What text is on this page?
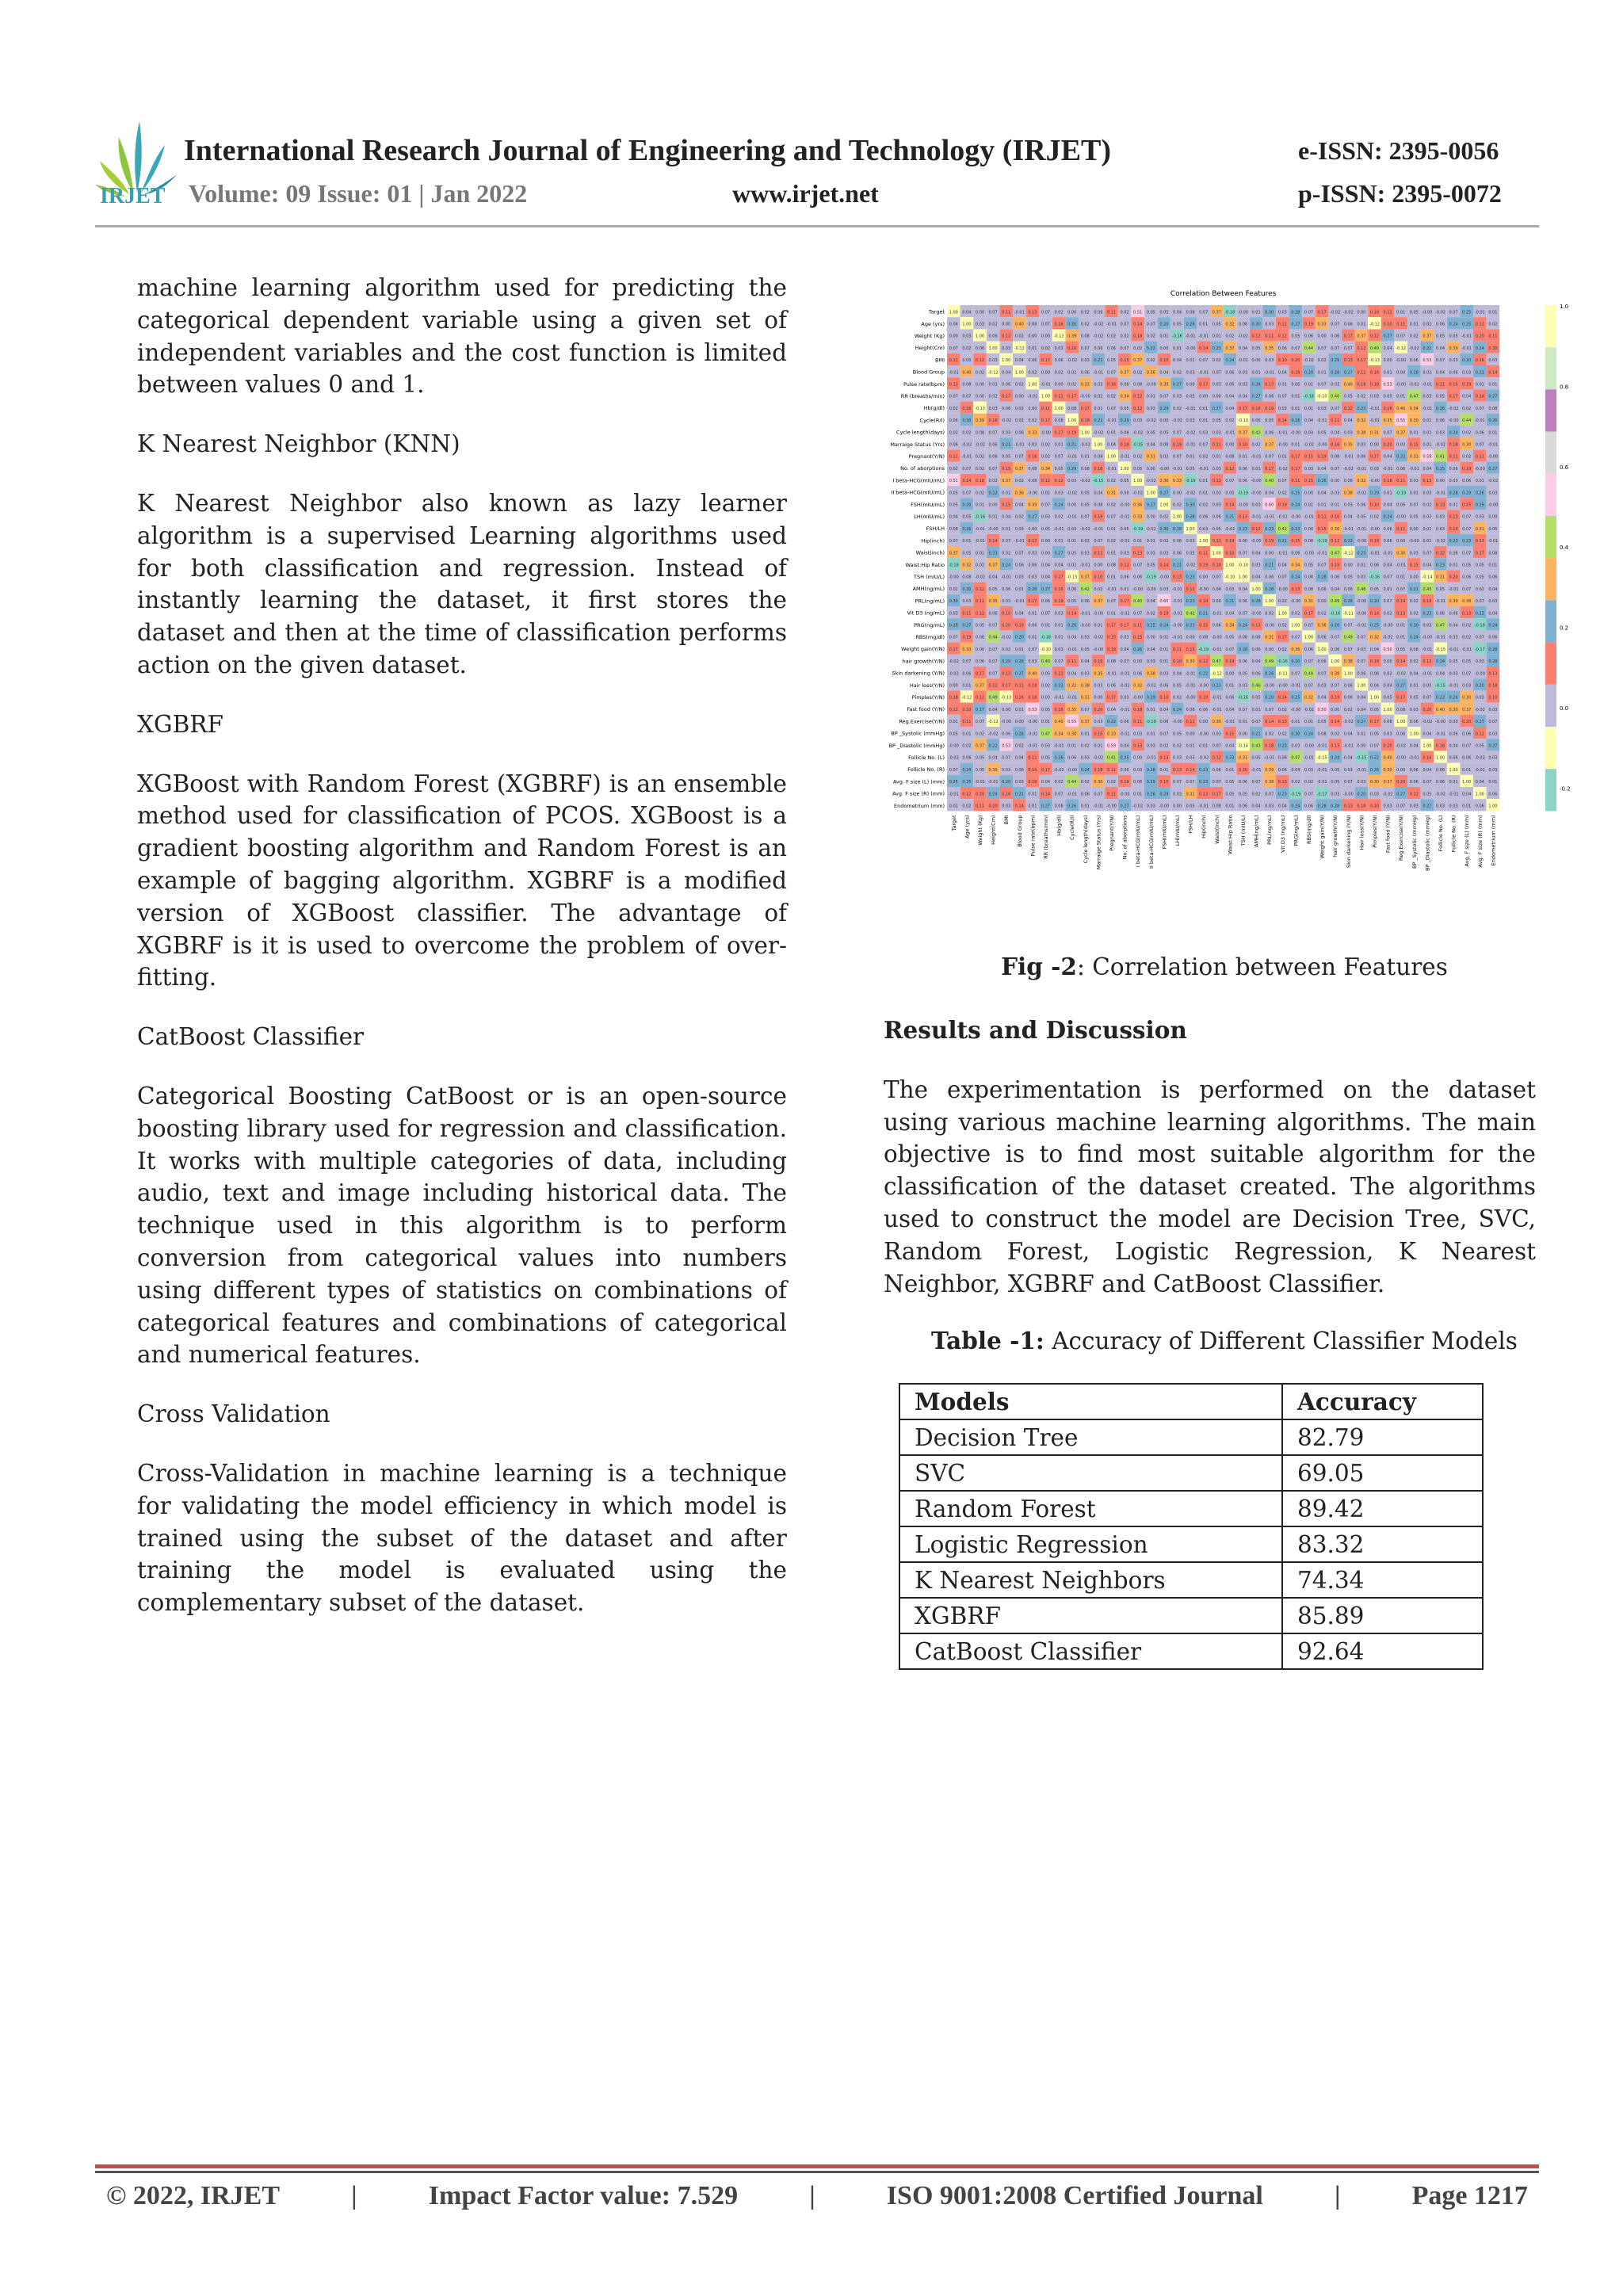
IRJET
International Research Journal of Engineering and Technology (IRJET)	e-ISSN: 2395-0056
Volume: 09 Issue: 01 | Jan 2022	www.irjet.net	p-ISSN: 2395-0072

machine learning algorithm used for predicting the categorical dependent variable using a given set of independent variables and the cost function is limited between values 0 and 1.

K Nearest Neighbor (KNN)

K Nearest Neighbor also known as lazy learner algorithm is a supervised Learning algorithms used for both classification and regression. Instead of instantly learning the dataset, it first stores the dataset and then at the time of classification performs action on the given dataset.

XGBRF

XGBoost with Random Forest (XGBRF) is an ensemble method used for classification of PCOS. XGBoost is a gradient boosting algorithm and Random Forest is an example of bagging algorithm. XGBRF is a modified version of XGBoost classifier. The advantage of XGBRF is it is used to overcome the problem of over-fitting.

CatBoost Classifier

Categorical Boosting CatBoost or is an open-source boosting library used for regression and classification. It works with multiple categories of data, including audio, text and image including historical data. The technique used in this algorithm is to perform conversion from categorical values into numbers using different types of statistics on combinations of categorical features and combinations of categorical and numerical features.

Cross Validation

Cross-Validation in machine learning is a technique for validating the model efficiency in which model is trained using the subset of the dataset and after training the model is evaluated using the complementary subset of the dataset.

Correlation Between Features
1.00 0.04 0.00 0.07 0.11 -0.01 0.13 0.07 0.02 0.06 0.02 0.06 0.11 0.02 0.51 0.05 0.05 0.04 0.08 0.07 0.37 -0.18 -0.00 0.01 0.30 0.03 0.28 0.07 0.17 -0.02 -0.02 0.00 0.18 0.12 0.01 0.05 -0.00 -0.02 0.07 0.25 -0.01 0.01
0.04 1.00 0.03 0.02 0.00 0.40 0.08 0.07 0.16 0.30 0.02 -0.02 -0.01 0.07 0.14 0.07 0.20 0.05 0.26 0.01 0.05 0.32 0.08 0.30 0.03 0.11 0.27 0.19 0.33 0.07 0.06 0.01 -0.12 0.10 0.11 0.01 0.02 0.06 0.24 0.25 0.12 0.02
0.00 0.03 1.00 0.06 0.12 0.02 0.00 0.00 -0.13 0.39 0.08 -0.02 0.02 0.02 0.18 0.02 0.01 -0.16 -0.01 -0.01 0.01 0.02 -0.02 0.12 0.11 0.12 0.05 0.06 0.00 0.06 0.17 0.37 0.12 0.27 0.07 0.02 0.37 0.05 0.05 -0.01 0.20 0.11
0.07 0.02 0.06 1.00 0.03 -0.12 0.01 0.02 0.03 0.16 0.07 0.06 0.06 0.07 0.02 0.22 0.00 0.01 -0.00 0.14 0.23 0.37 0.04 0.05 0.35 0.06 0.07 0.44 0.07 0.07 0.07 0.12 0.49 0.04 -0.12 -0.02 0.22 0.04 0.39 -0.01 0.24 0.20
0.11 0.00 0.12 0.03 1.00 0.04 0.06 0.17 0.06 -0.02 0.03 0.21 0.05 0.15 0.37 0.02 0.15 0.04 0.01 0.07 0.02 0.24 -0.01 0.06 0.03 0.10 0.20 -0.02 0.02 0.29 0.13 0.17 -0.13 0.00 -0.00 0.06 0.53 0.07 0.03 0.20 0.16 0.03
-0.01 0.40 0.02 -0.12 0.04 1.00 0.02 0.00 0.02 0.02 0.06 -0.01 0.07 0.37 0.02 0.36 0.04 0.02 0.03 -0.01 0.07 0.06 0.03 0.01 -0.01 0.04 0.19 0.20 0.01 0.28 0.27 0.11 0.16 0.01 0.00 0.28 0.02 0.04 0.06 0.03 0.21 0.14
0.13 0.08 0.00 0.01 0.06 0.02 1.00 -0.01 0.00 0.02 0.33 0.03 0.16 0.08 0.08 -0.00 0.39 0.27 0.00 0.17 0.03 0.06 0.03 0.28 0.17 0.01 0.06 0.01 0.07 0.03 0.40 0.18 0.18 0.53 -0.00 -0.02 -0.01 0.11 0.15 0.19 0.01 0.01
0.07 0.07 0.00 0.02 0.17 0.00 -0.01 1.00 0.11 0.17 -0.00 0.02 0.02 0.34 0.12 0.01 0.07 0.03 0.05 0.00 0.00 0.04 0.04 0.27 0.06 0.07 0.01 -0.18 -0.10 0.40 0.05 0.02 0.03 0.05 0.01 0.47 0.03 0.05 0.17 0.04 0.14 0.27
0.02 0.16 -0.13 0.03 0.06 0.02 0.00 0.11 1.00 0.08 0.17 0.01 0.07 0.05 0.12 0.03 0.24 0.02 -0.01 0.01 0.27 0.04 0.17 0.16 0.19 0.03 0.01 0.01 0.03 0.07 0.12 0.23 -0.01 0.16 0.40 0.34 -0.01 0.26 -0.02 0.02 0.07 0.08
0.06 0.30 0.39 0.16 -0.02 0.02 0.02 0.17 0.08 1.00 0.19 0.21 -0.01 0.29 0.03 -0.02 0.00 -0.01 0.03 0.01 0.05 0.02 -0.13 0.06 0.05 0.14 0.26 0.04 -0.01 0.11 0.04 0.32 -0.01 0.35 0.55 0.30 0.01 0.06 -0.00 0.44 -0.01 0.26
0.02 0.02 0.08 0.07 0.03 0.06 0.33 -0.00 0.17 0.19 1.00 -0.02 0.01 0.08 -0.02 0.05 0.05 0.07 -0.02 0.03 0.03 -0.01 0.37 0.42 0.06 -0.01 -0.00 0.03 0.05 0.04 0.03 0.38 0.31 0.07 0.37 0.01 0.02 0.03 0.24 0.02 0.06 0.01
0.06 -0.02 -0.02 0.06 0.21 -0.01 0.03 0.02 0.01 0.21 -0.02 1.00 0.04 0.18 -0.15 0.04 0.08 0.19 -0.01 0.07 0.11 0.00 0.10 0.02 0.37 -0.00 0.01 -0.02 -0.00 0.16 0.35 0.03 0.00 0.20 0.03 0.15 0.01 -0.02 0.18 0.30 0.07 -0.01
0.11 -0.01 0.02 0.06 0.05 0.07 0.16 0.02 0.07 -0.01 0.01 0.04 1.00 -0.01 0.02 0.31 0.02 0.07 0.01 0.02 0.01 0.08 0.01 -0.01 0.07 0.01 0.17 0.15 0.19 0.08 -0.01 0.06 0.17 0.04 0.22 0.33 0.59 0.41 0.11 0.02 0.11 -0.00
0.02 0.07 0.02 0.07 0.15 0.37 0.08 0.34 0.05 0.29 0.08 0.18 -0.01 1.00 0.05 0.00 -0.00 -0.01 0.05 -0.01 0.03 0.12 0.06 0.01 0.17 -0.02 0.17 0.03 0.04 0.07 -0.02 -0.01 0.03 -0.01 0.06 -0.01 0.04 0.25 0.06 0.19 -0.00 0.27
0.51 0.14 0.18 0.02 0.37 0.02 0.08 0.12 0.12 0.03 -0.02 -0.15 0.02 0.05 1.00 -0.02 0.36 0.33 -0.19 0.01 0.13 0.07 0.06 -0.00 0.40 0.07 0.11 0.15 0.26 0.00 0.06 0.32 -0.00 0.18 0.11 0.03 0.13 0.00 0.03 0.06 0.01 -0.02
0.05 0.07 0.02 0.22 0.02 0.36 -0.00 0.01 0.03 -0.02 0.05 0.04 0.31 0.00 -0.02 1.00 0.27 0.00 -0.02 0.01 0.03 0.05 -0.19 -0.00 0.04 0.02 0.25 0.00 0.04 0.03 0.38 -0.02 0.29 0.01 -0.19 0.01 0.03 -0.01 0.28 0.29 0.26 0.03
0.05 0.20 0.01 0.00 0.15 0.04 0.39 0.07 0.24 0.00 0.05 0.08 0.02 -0.00 0.36 0.27 1.00 0.02 0.30 0.02 0.03 0.14 -0.00 0.03 0.60 0.19 0.24 0.01 0.01 0.01 0.03 0.06 0.10 0.04 0.06 0.07 0.02 0.13 0.01 0.15 0.29 -0.00
0.04 0.05 -0.16 0.01 0.04 0.02 0.27 0.03 0.02 -0.01 0.07 0.19 0.07 -0.01 0.33 0.00 0.02 1.00 0.28 0.06 0.06 0.21 0.13 -0.01 -0.01 -0.01 -0.00 -0.01 0.11 0.10 0.04 0.05 0.02 0.24 -0.00 0.05 0.02 0.03 0.13 0.07 0.03 0.00
0.08 0.26 -0.01 -0.00 0.01 0.03 0.00 0.05 -0.01 0.03 -0.02 -0.01 0.01 0.05 -0.19 -0.02 0.30 0.28 1.00 0.03 0.05 -0.02 0.23 0.12 0.23 0.42 0.23 0.00 0.15 0.30 -0.01 -0.01 -0.00 0.06 0.11 0.00 0.01 0.03 0.14 0.07 0.31 0.05
0.07 0.01 -0.01 0.14 0.07 -0.01 0.17 0.00 0.01 0.01 0.03 0.07 0.02 -0.01 0.01 0.01 0.02 0.06 0.03 1.00 0.11 0.19 0.00 -0.00 0.19 0.21 0.15 0.08 -0.19 0.12 0.22 -0.00 0.19 0.06 0.00 -0.00 0.01 -0.02 0.23 0.23 0.13 -0.01
0.37 0.05 0.01 0.23 0.02 0.07 0.03 0.00 0.27 0.05 0.03 0.11 0.01 0.03 0.13 0.03 0.03 0.06 0.05 0.11 1.00 0.10 0.07 0.04 0.00 -0.01 0.06 -0.00 -0.01 0.47 -0.12 0.23 -0.01 -0.01 0.30 0.03 0.07 0.12 0.06 0.07 0.17 0.08
-0.18 0.32 0.02 0.37 0.24 0.06 0.06 0.04 0.04 0.02 -0.01 0.00 0.08 0.12 0.07 0.05 0.14 0.21 -0.02 0.19 0.10 1.00 -0.10 0.03 0.21 0.04 0.34 0.05 0.07 0.19 0.00 0.01 0.06 0.04 -0.01 0.15 0.04 0.23 0.01 0.05 0.05 0.01
-0.00 0.08 -0.02 0.04 -0.01 0.03 0.03 0.04 0.17 -0.13 0.37 0.10 0.01 0.06 0.06 -0.19 -0.00 0.13 0.23 0.00 0.07 -0.10 1.00 0.04 0.06 0.07 0.24 0.08 0.28 0.06 0.05 0.03 -0.16 0.07 0.01 0.00 -0.14 0.31 0.20 0.06 0.05 0.06
0.01 0.30 0.12 0.05 0.06 0.01 0.28 0.27 0.16 0.06 0.42 0.02 -0.01 0.01 -0.00 -0.00 0.03 -0.01 0.12 -0.00 0.04 0.03 0.04 1.00 0.28 -0.00 0.13 0.08 0.06 0.04 0.06 0.46 0.05 0.01 0.07 0.21 0.43 0.05 -0.01 0.07 0.02 0.04
0.30 0.03 0.11 0.35 0.03 -0.01 0.17 0.06 0.19 0.05 0.06 0.37 0.07 0.17 0.40 0.04 0.60 -0.01 0.23 0.19 0.00 0.21 0.06 0.28 1.00 0.02 -0.00 0.31 0.00 0.49 0.26 -0.00 0.20 0.07 0.14 0.02 0.18 -0.01 0.39 0.38 0.07 0.03
0.03 0.11 0.12 0.06 0.10 0.04 0.01 0.07 0.03 0.14 -0.01 -0.00 0.01 -0.02 0.07 0.02 0.19 -0.01 0.42 0.21 -0.01 0.04 0.07 -0.00 0.02 1.00 0.02 0.17 0.02 -0.16 -0.11 -0.00 0.14 0.02 0.13 0.02 0.23 0.06 0.06 0.13 0.23 0.04
0.28 0.27 0.05 0.07 0.20 0.19 0.06 0.01 0.01 0.26 -0.00 0.01 0.17 0.17 0.11 0.25 0.24 -0.00 0.23 0.15 0.06 0.34 0.24 0.13 -0.00 0.02 1.00 0.07 0.36 0.20 0.07 -0.01 0.25 -0.00 0.01 0.30 0.03 0.47 0.04 0.02 -0.19 0.24
0.07 0.19 0.06 0.44 -0.02 0.20 0.01 -0.18 0.01 0.04 0.03 -0.02 0.15 0.03 0.15 0.00 0.01 -0.01 0.00 0.08 -0.00 0.05 0.08 0.08 0.31 0.17 0.07 1.00 0.06 0.07 0.49 0.07 0.32 -0.02 0.01 0.24 -0.00 -0.01 0.03 0.02 0.07 0.06
0.17 0.33 0.00 0.07 0.02 0.01 0.07 -0.10 0.03 -0.01 0.05 -0.00 0.19 0.04 0.26 0.04 0.01 0.11 0.15 -0.19 -0.01 0.07 0.28 0.06 0.00 0.02 0.36 0.06 1.00 0.06 0.07 0.03 0.04 0.50 0.05 0.08 -0.01 -0.15 -0.01 -0.01 -0.17 0.28
-0.02 0.07 0.06 0.07 0.29 0.28 0.03 0.40 0.07 0.11 0.04 0.16 0.08 0.07 0.00 0.03 0.01 0.10 0.30 0.12 0.47 0.19 0.06 0.04 0.49 -0.16 0.20 0.07 0.06 1.00 0.38 0.07 0.19 0.00 0.14 0.02 0.13 0.24 0.05 0.05 0.03 0.28
-0.02 0.06 0.17 0.07 0.13 0.27 0.40 0.05 0.12 0.04 0.03 0.35 -0.01 -0.02 0.06 0.38 0.03 0.04 -0.01 0.22 -0.12 0.00 0.05 0.06 0.26 -0.11 0.07 0.49 0.07 0.38 1.00 0.06 0.06 0.02 -0.02 0.04 -0.01 0.04 0.03 0.07 -0.00 0.13
0.00 0.01 0.37 0.12 0.17 0.11 0.18 0.02 0.23 0.32 0.38 0.03 0.06 -0.01 0.32 -0.02 0.06 0.05 -0.01 -0.00 0.23 0.01 0.03 0.46 -0.00 -0.00 -0.01 0.07 0.03 0.07 0.06 1.00 0.04 0.04 0.27 0.01 0.00 -0.15 -0.01 0.03 0.20 0.18
0.18 -0.12 0.12 0.49 -0.13 0.16 0.18 0.03 -0.01 -0.01 0.31 0.00 0.17 0.03 -0.00 0.29 0.10 0.02 -0.00 0.19 -0.01 0.06 -0.16 0.05 0.20 0.14 0.25 0.32 0.04 0.19 0.06 0.04 1.00 0.05 0.17 0.05 0.07 0.22 0.26 0.30 0.03 0.10
0.12 0.10 0.27 0.04 0.00 0.01 0.53 0.05 0.16 0.35 0.07 0.20 0.04 -0.01 0.18 0.01 0.04 0.24 0.06 0.06 -0.01 0.04 0.07 0.01 0.07 0.02 -0.00 -0.02 0.50 0.00 0.02 0.04 0.05 1.00 0.08 0.03 0.20 0.40 0.30 0.37 -0.02 0.03
0.01 0.11 0.07 -0.12 -0.00 0.00 -0.00 0.01 0.40 0.55 0.37 0.03 0.22 0.06 0.11 -0.19 0.06 -0.00 0.11 0.00 0.30 -0.01 0.01 0.07 0.14 0.13 0.01 0.01 0.05 0.14 -0.02 0.27 0.17 0.08 1.00 0.06 -0.02 -0.00 0.00 0.20 0.27 0.07
0.05 0.01 0.02 -0.02 0.06 0.28 -0.02 0.47 0.34 0.30 0.01 0.15 0.33 -0.01 0.03 0.01 0.07 0.05 0.00 -0.00 0.03 0.15 0.00 0.21 0.02 0.02 0.30 0.24 0.08 0.02 0.04 0.01 0.05 0.03 0.06 1.00 0.04 -0.01 0.06 0.06 0.12 0.03
-0.00 0.02 0.37 0.22 0.53 0.02 -0.01 0.03 -0.01 0.01 0.02 0.01 0.59 0.04 0.13 0.03 0.02 0.02 0.01 0.01 0.07 0.04 -0.14 0.43 0.18 0.23 0.03 -0.00 -0.01 0.13 -0.01 0.00 0.07 0.20 -0.02 0.04 1.00 0.16 0.04 0.07 0.05 0.27
-0.02 0.06 0.05 0.04 0.07 0.04 0.11 0.05 0.26 0.06 0.03 -0.02 0.41 0.25 0.00 -0.01 0.13 0.03 0.03 -0.02 0.12 0.23 0.31 0.05 -0.01 0.06 0.47 -0.01 -0.15 0.24 0.04 -0.15 0.22 0.40 -0.00 -0.01 0.16 1.00 0.06 0.06 -0.02 0.03
0.07 0.24 0.05 0.39 0.03 0.06 0.15 0.17 -0.02 -0.00 0.24 0.18 0.11 0.06 0.03 0.28 0.01 0.13 0.14 0.23 0.06 0.01 0.20 -0.01 0.39 0.06 0.04 0.03 -0.01 0.05 0.03 -0.01 0.26 0.30 0.00 0.06 0.04 0.06 1.00 0.01 -0.01 0.03
0.25 0.25 -0.01 -0.01 0.20 0.03 0.19 0.04 0.02 0.44 0.02 0.30 0.02 0.19 0.06 0.29 0.15 0.07 0.07 0.23 0.07 0.05 0.06 0.07 0.38 0.13 0.02 0.02 -0.01 0.05 0.07 0.03 0.30 0.37 0.20 0.06 0.07 0.06 0.01 1.00 0.04 0.01
-0.01 0.12 0.20 0.24 0.16 0.21 0.01 0.14 0.07 -0.01 0.06 0.07 0.11 -0.00 0.01 0.26 0.29 0.03 0.31 0.13 0.17 0.05 0.05 0.02 0.07 0.23 -0.19 0.07 -0.17 0.03 -0.00 0.20 0.03 -0.02 0.27 0.12 0.05 -0.02 -0.01 0.04 1.00 0.06
0.01 0.02 0.11 0.20 0.03 0.14 0.01 0.27 0.08 0.26 0.01 -0.01 -0.00 0.27 -0.02 0.03 -0.00 0.00 0.05 -0.01 0.08 0.01 0.06 0.04 0.03 0.04 0.24 0.06 0.28 0.28 0.13 0.18 0.10 0.03 0.07 0.03 0.27 0.03 0.03 0.01 0.06 1.00
Target
Target
Age (yrs)
Age (yrs)
Weight (Kg)
Weight (Kg)
Height(Cm)
Height(Cm)
BMI
BMI
Blood Group
Blood Group
Pulse rate(bpm)
Pulse rate(bpm)
RR (breaths/min)
RR (breaths/min)
Hb(g/dl)
Hb(g/dl)
Cycle(R/I)
Cycle(R/I)
Cycle length(days)
Cycle length(days)
Marraige Status (Yrs)
Marraige Status (Yrs)
Pregnant(Y/N)
Pregnant(Y/N)
No. of aborptions
No. of aborptions
I beta-HCG(mIU/mL)
I beta-HCG(mIU/mL)
II beta-HCG(mIU/mL)
II beta-HCG(mIU/mL)
FSH(mIU/mL)
FSH(mIU/mL)
LH(mIU/mL)
LH(mIU/mL)
FSH/LH
FSH/LH
Hip(inch)
Hip(inch)
Waist(inch)
Waist(inch)
Waist:Hip Ratio
Waist:Hip Ratio
TSH (mIU/L)
TSH (mIU/L)
AMH(ng/mL)
AMH(ng/mL)
PRL(ng/mL)
PRL(ng/mL)
Vit D3 (ng/mL)
Vit D3 (ng/mL)
PRG(ng/mL)
PRG(ng/mL)
RBS(mg/dl)
RBS(mg/dl)
Weight gain(Y/N)
Weight gain(Y/N)
hair growth(Y/N)
hair growth(Y/N)
Skin darkening (Y/N)
Skin darkening (Y/N)
Hair loss(Y/N)
Hair loss(Y/N)
Pimples(Y/N)
Pimples(Y/N)
Fast food (Y/N)
Fast food (Y/N)
Reg.Exercise(Y/N)
Reg.Exercise(Y/N)
BP _Systolic (mmHg)
BP _Systolic (mmHg)
BP _Diastolic (mmHg)
BP _Diastolic (mmHg)
Follicle No. (L)
Follicle No. (L)
Follicle No. (R)
Follicle No. (R)
Avg. F size (L) (mm)
Avg. F size (L) (mm)
Avg. F size (R) (mm)
Avg. F size (R) (mm)
Endometrium (mm)
Endometrium (mm)
1.0
0.8
0.6
0.4
0.2
0.0
-0.2
Fig -2: Correlation between Features

Results and Discussion

The experimentation is performed on the dataset using various machine learning algorithms. The main objective is to find most suitable algorithm for the classification of the dataset created. The algorithms used to construct the model are Decision Tree, SVC, Random Forest, Logistic Regression, K Nearest Neighbor, XGBRF and CatBoost Classifier.

Table -1: Accuracy of Different Classifier Models
Models	Accuracy
Decision Tree	82.79
SVC	69.05
Random Forest	89.42
Logistic Regression	83.32
K Nearest Neighbors	74.34
XGBRF	85.89
CatBoost Classifier	92.64
© 2022, IRJET	|	Impact Factor value: 7.529	|	ISO 9001:2008 Certified Journal	|	Page 1217
